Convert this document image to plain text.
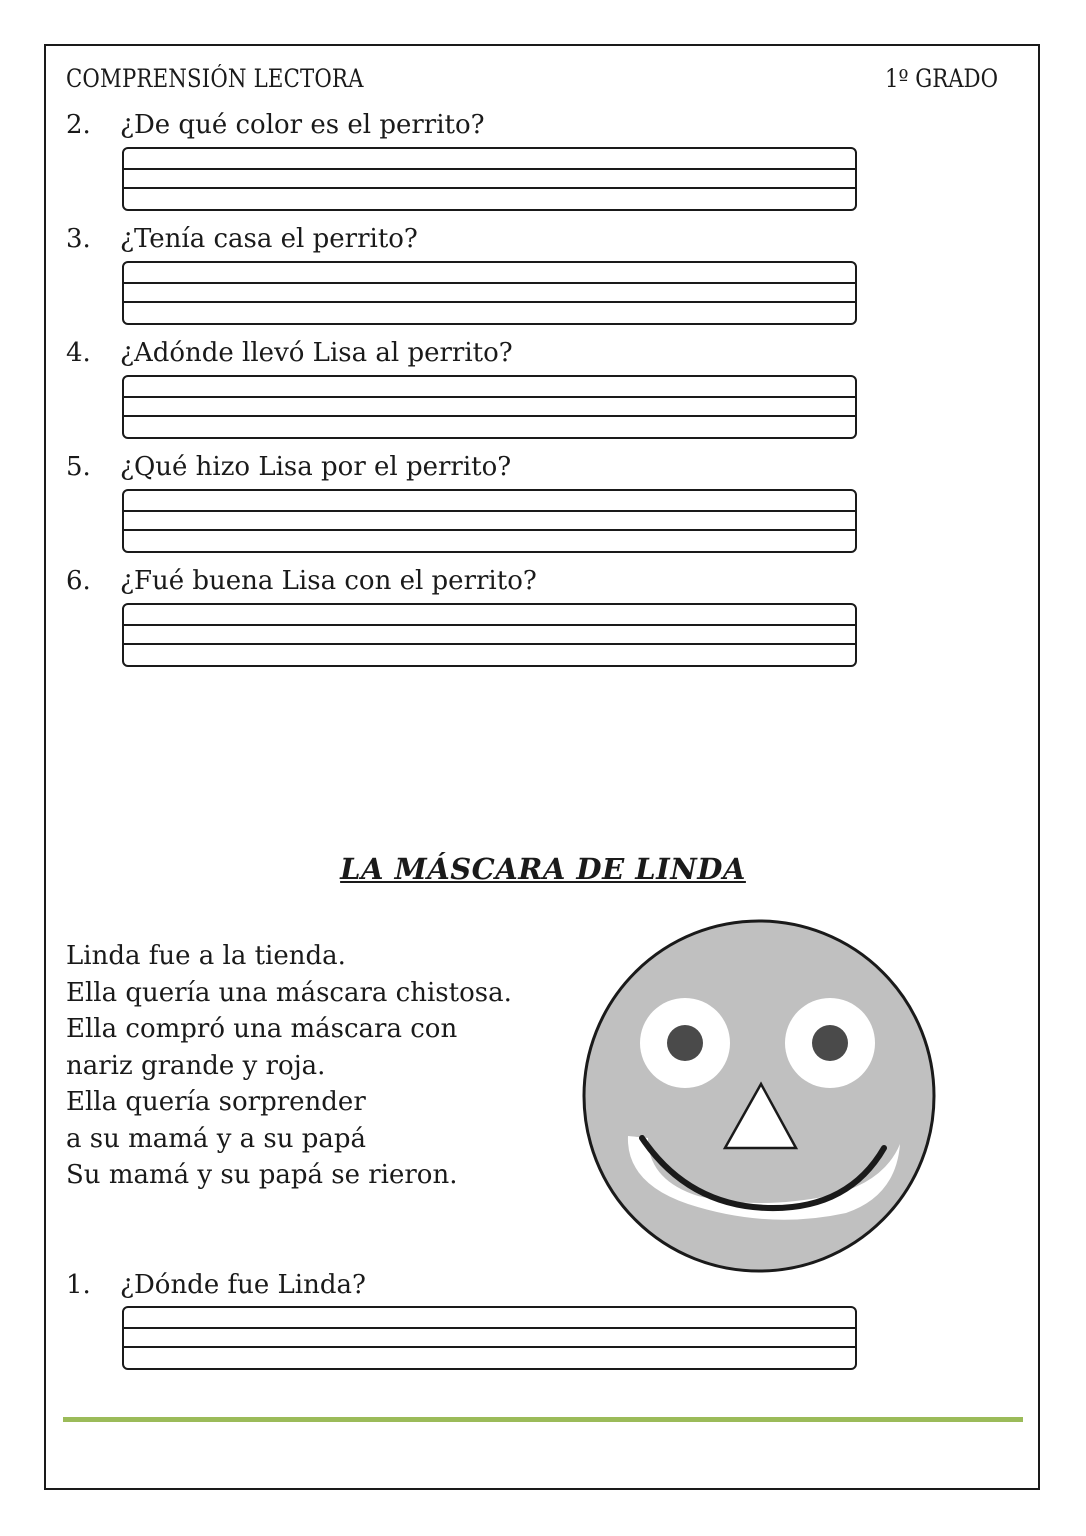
COMPRENSIÓN LECTORA	1º GRADO
2. ¿De qué color es el perrito?
3. ¿Tenía casa el perrito?
4. ¿Adónde llevó Lisa al perrito?
5. ¿Qué hizo Lisa por el perrito?
6. ¿Fué buena Lisa con el perrito?
LA MÁSCARA DE LINDA
Linda fue a la tienda.
Ella quería una máscara chistosa.
Ella compró una máscara con
nariz grande y roja.
Ella quería sorprender
a su mamá y a su papá
Su mamá y su papá se rieron.
1. ¿Dónde fue Linda?
